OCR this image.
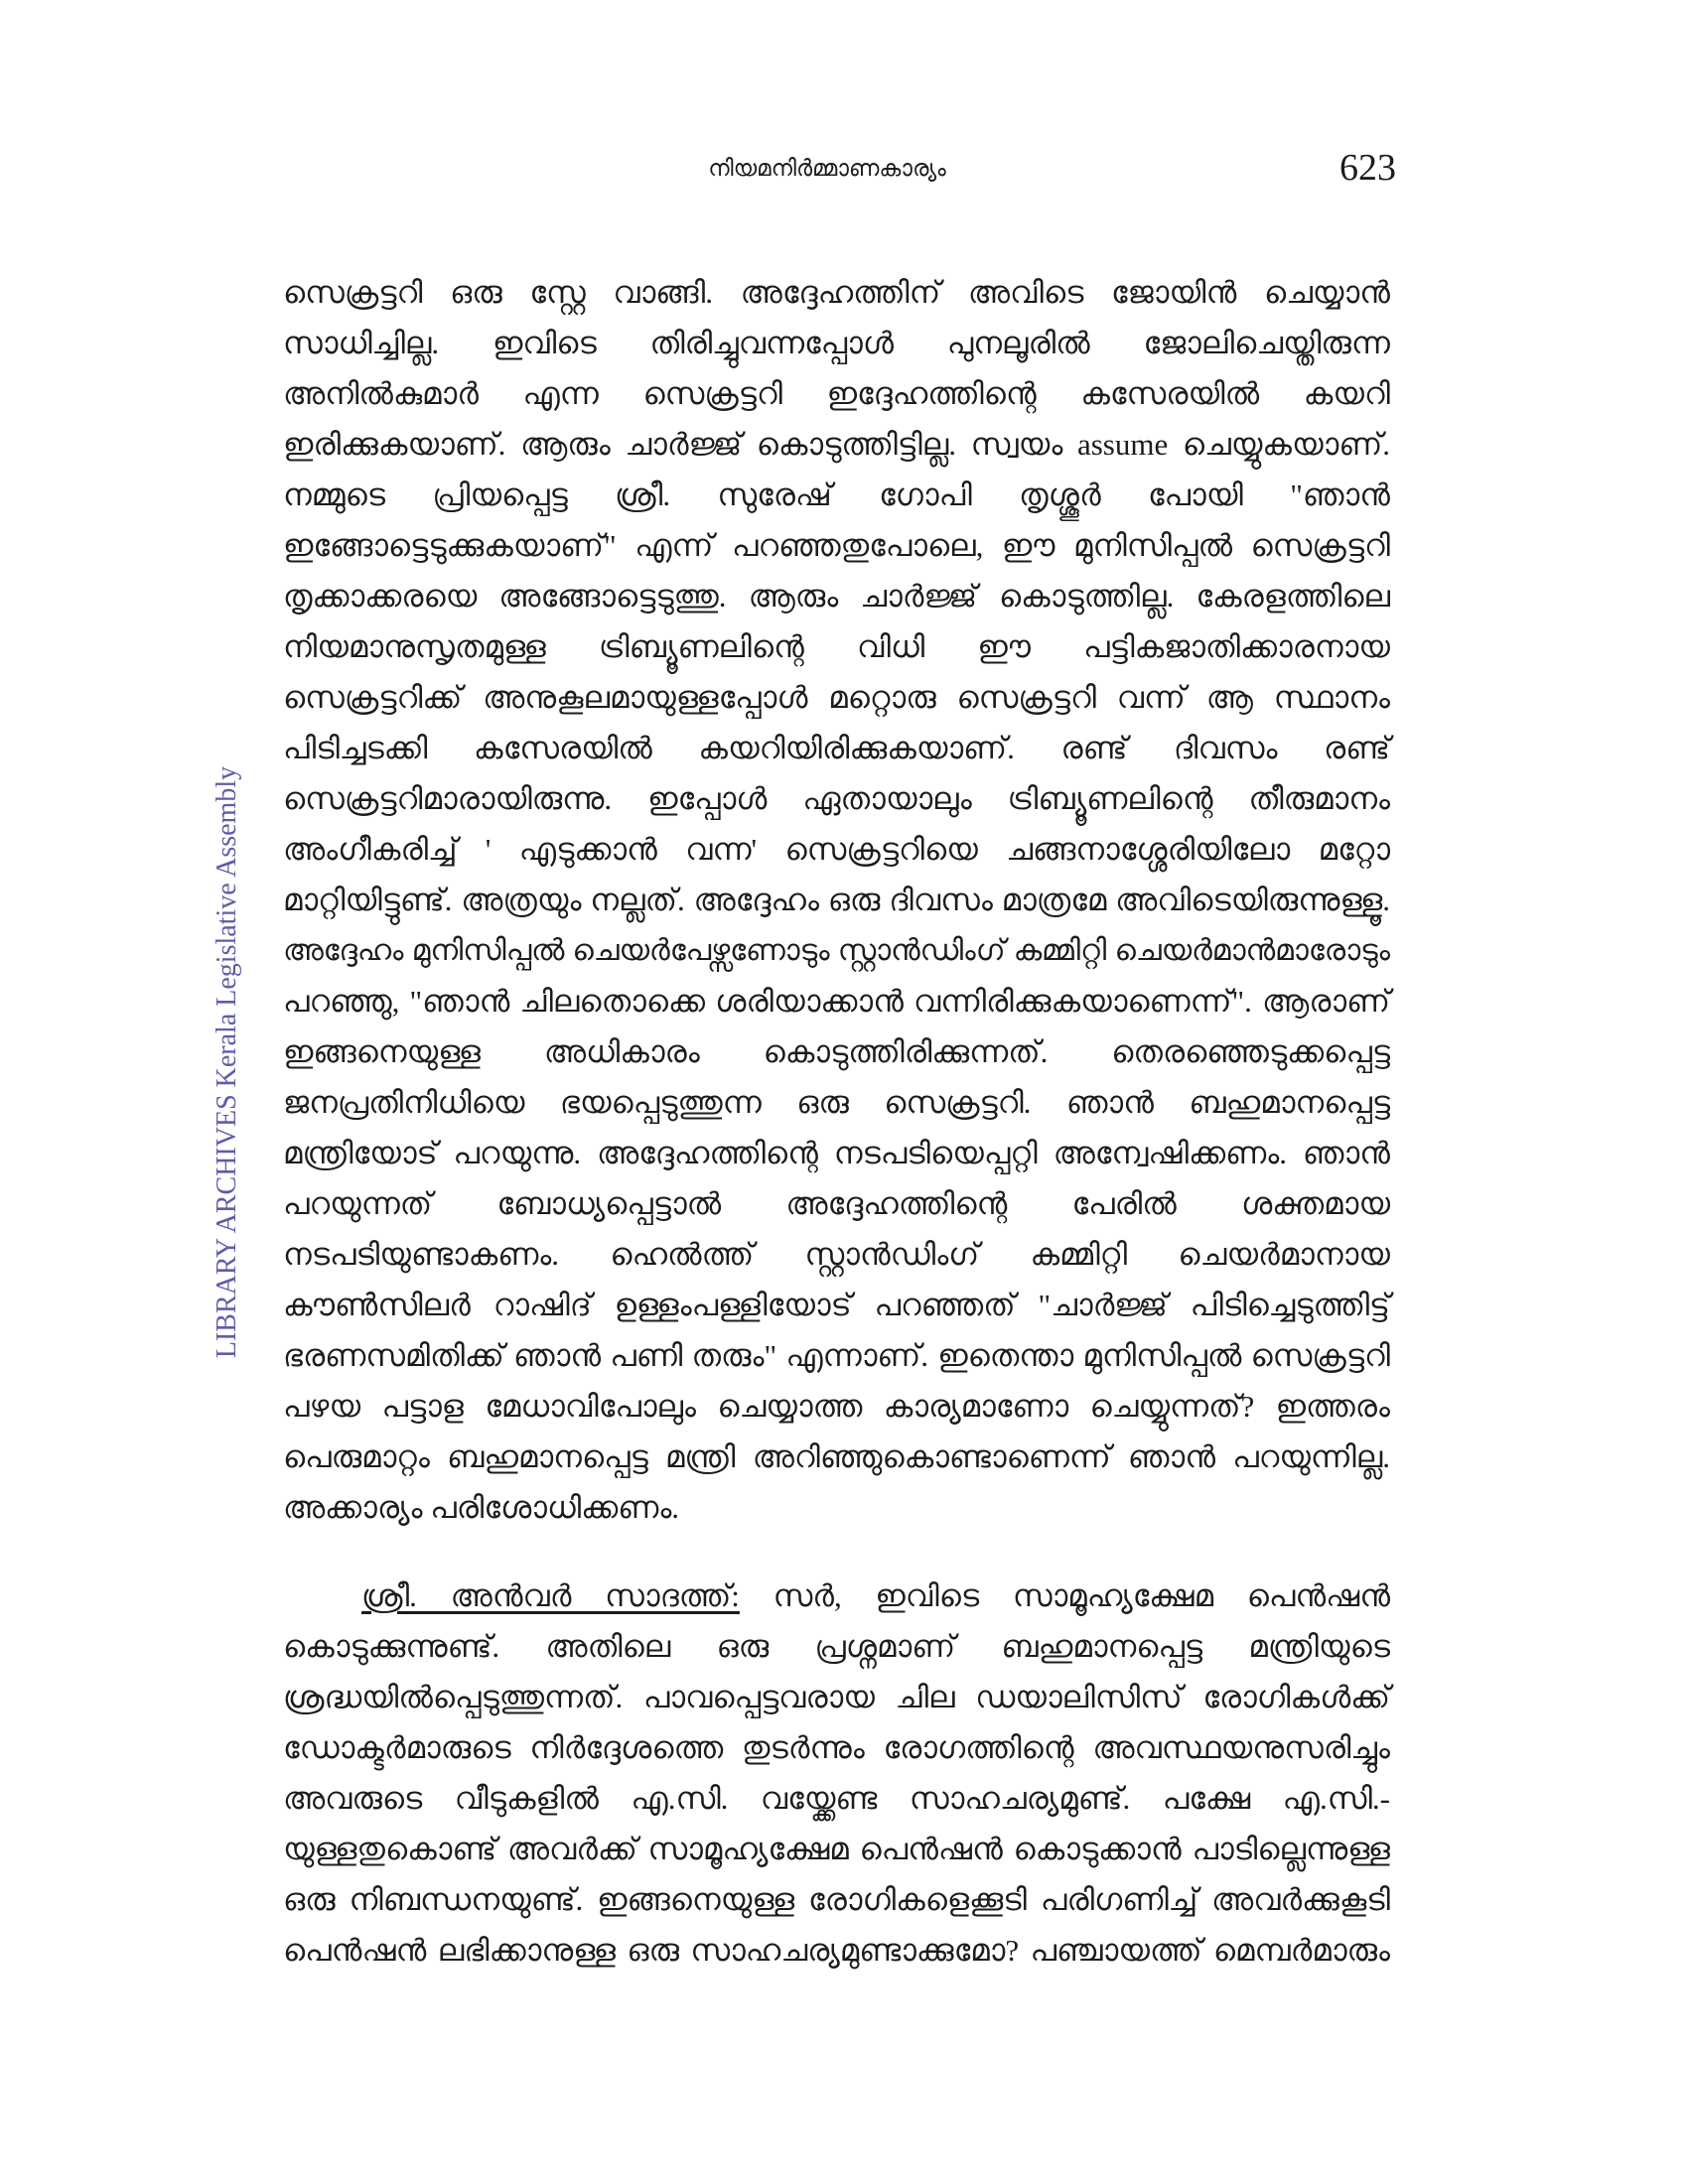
നിയമനിർമ്മാണകാര്യം	623
LIBRARY ARCHIVES Kerala Legislative Assembly
സെക്രട്ടറി ഒരു സ്റ്റേ വാങ്ങി. അദ്ദേഹത്തിന് അവിടെ ജോയിൻ ചെയ്യാൻ
സാധിച്ചില്ല. ഇവിടെ തിരിച്ചുവന്നപ്പോൾ പുനലൂരിൽ ജോലിചെയ്തിരുന്ന
അനിൽകുമാർ എന്ന സെക്രട്ടറി ഇദ്ദേഹത്തിന്റെ കസേരയിൽ കയറി
ഇരിക്കുകയാണ്. ആരും ചാർജ്ജ് കൊടുത്തിട്ടില്ല. സ്വയം assume ചെയ്യുകയാണ്.
നമ്മുടെ പ്രിയപ്പെട്ട ശ്രീ. സുരേഷ് ഗോപി തൃശ്ശൂർ പോയി "ഞാൻ
ഇങ്ങോട്ടെടുക്കുകയാണ്" എന്ന് പറഞ്ഞതുപോലെ, ഈ മുനിസിപ്പൽ സെക്രട്ടറി
തൃക്കാക്കരയെ അങ്ങോട്ടെടുത്തു. ആരും ചാർജ്ജ് കൊടുത്തില്ല. കേരളത്തിലെ
നിയമാനുസൃതമുള്ള ട്രിബ്യൂണലിന്റെ വിധി ഈ പട്ടികജാതിക്കാരനായ
സെക്രട്ടറിക്ക് അനുകൂലമായുള്ളപ്പോൾ മറ്റൊരു സെക്രട്ടറി വന്ന് ആ സ്ഥാനം
പിടിച്ചടക്കി കസേരയിൽ കയറിയിരിക്കുകയാണ്. രണ്ട് ദിവസം രണ്ട്
സെക്രട്ടറിമാരായിരുന്നു. ഇപ്പോൾ ഏതായാലും ട്രിബ്യൂണലിന്റെ തീരുമാനം
അംഗീകരിച്ച് ' എടുക്കാൻ വന്ന' സെക്രട്ടറിയെ ചങ്ങനാശ്ശേരിയിലോ മറ്റോ
മാറ്റിയിട്ടുണ്ട്. അത്രയും നല്ലത്. അദ്ദേഹം ഒരു ദിവസം മാത്രമേ അവിടെയിരുന്നുള്ളൂ.
അദ്ദേഹം മുനിസിപ്പൽ ചെയർപേഴ്സണോടും സ്റ്റാൻഡിംഗ് കമ്മിറ്റി ചെയർമാൻമാരോടും
പറഞ്ഞു, "ഞാൻ ചിലതൊക്കെ ശരിയാക്കാൻ വന്നിരിക്കുകയാണെന്ന്". ആരാണ്
ഇങ്ങനെയുള്ള അധികാരം കൊടുത്തിരിക്കുന്നത്. തെരഞ്ഞെടുക്കപ്പെട്ട
ജനപ്രതിനിധിയെ ഭയപ്പെടുത്തുന്ന ഒരു സെക്രട്ടറി. ഞാൻ ബഹുമാനപ്പെട്ട
മന്ത്രിയോട് പറയുന്നു. അദ്ദേഹത്തിന്റെ നടപടിയെപ്പറ്റി അന്വേഷിക്കണം. ഞാൻ
പറയുന്നത് ബോധ്യപ്പെട്ടാൽ അദ്ദേഹത്തിന്റെ പേരിൽ ശക്തമായ
നടപടിയുണ്ടാകണം. ഹെൽത്ത് സ്റ്റാൻഡിംഗ് കമ്മിറ്റി ചെയർമാനായ
കൗൺസിലർ റാഷിദ് ഉള്ളംപള്ളിയോട് പറഞ്ഞത് "ചാർജ്ജ് പിടിച്ചെടുത്തിട്ട്
ഭരണസമിതിക്ക് ഞാൻ പണി തരും" എന്നാണ്. ഇതെന്താ മുനിസിപ്പൽ സെക്രട്ടറി
പഴയ പട്ടാള മേധാവിപോലും ചെയ്യാത്ത കാര്യമാണോ ചെയ്യുന്നത്? ഇത്തരം
പെരുമാറ്റം ബഹുമാനപ്പെട്ട മന്ത്രി അറിഞ്ഞുകൊണ്ടാണെന്ന് ഞാൻ പറയുന്നില്ല.
അക്കാര്യം പരിശോധിക്കണം.
ശ്രീ. അൻവർ സാദത്ത്: സർ, ഇവിടെ സാമൂഹ്യക്ഷേമ പെൻഷൻ
കൊടുക്കുന്നുണ്ട്. അതിലെ ഒരു പ്രശ്നമാണ് ബഹുമാനപ്പെട്ട മന്ത്രിയുടെ
ശ്രദ്ധയിൽപ്പെടുത്തുന്നത്. പാവപ്പെട്ടവരായ ചില ഡയാലിസിസ് രോഗികൾക്ക്
ഡോക്ടർമാരുടെ നിർദ്ദേശത്തെ തുടർന്നും രോഗത്തിന്റെ അവസ്ഥയനുസരിച്ചും
അവരുടെ വീടുകളിൽ എ.സി. വയ്ക്കേണ്ട സാഹചര്യമുണ്ട്. പക്ഷേ എ.സി.-
യുള്ളതുകൊണ്ട് അവർക്ക് സാമൂഹ്യക്ഷേമ പെൻഷൻ കൊടുക്കാൻ പാടില്ലെന്നുള്ള
ഒരു നിബന്ധനയുണ്ട്. ഇങ്ങനെയുള്ള രോഗികളെക്കൂടി പരിഗണിച്ച് അവർക്കുകൂടി
പെൻഷൻ ലഭിക്കാനുള്ള ഒരു സാഹചര്യമുണ്ടാക്കുമോ? പഞ്ചായത്ത് മെമ്പർമാരും
